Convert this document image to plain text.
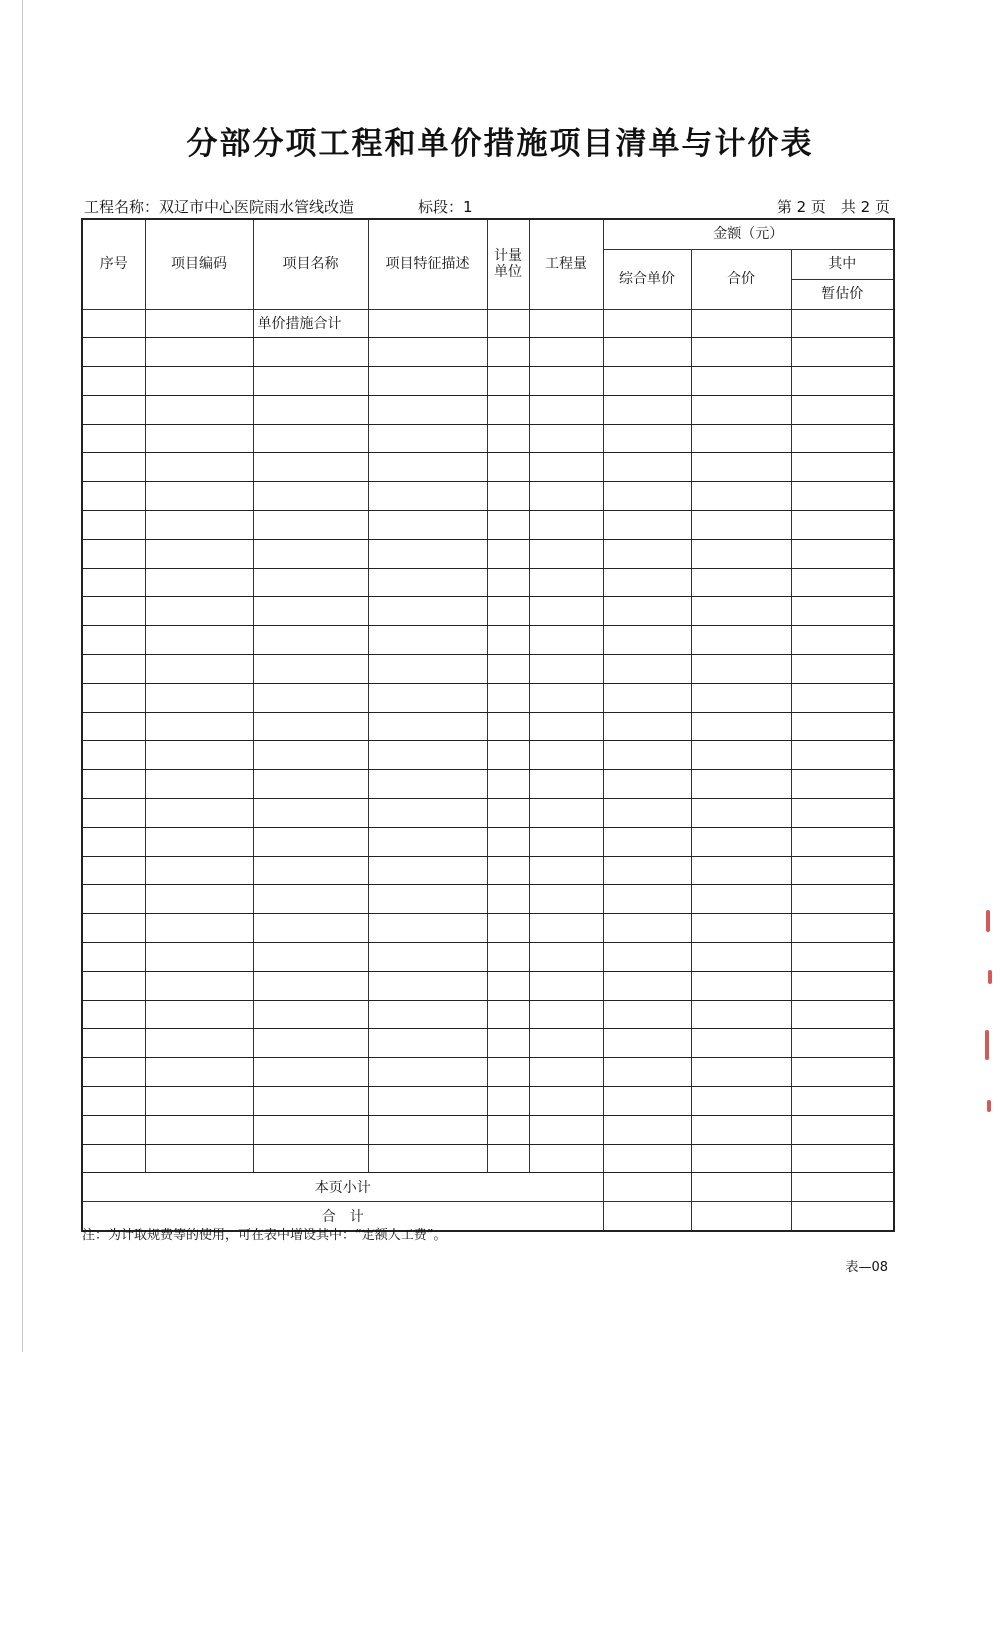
分部分项工程和单价措施项目清单与计价表
工程名称：双辽市中心医院雨水管线改造	标段：1	第 2 页　共 2 页
序号	项目编码	项目名称	项目特征描述	计量单位	工程量	金额（元）		
						综合单价	合价	其中
								暂估价
		单价措施合计						

本页小计								
合　计								
注：为计取规费等的使用，可在表中增设其中：“定额人工费”。
表—08
